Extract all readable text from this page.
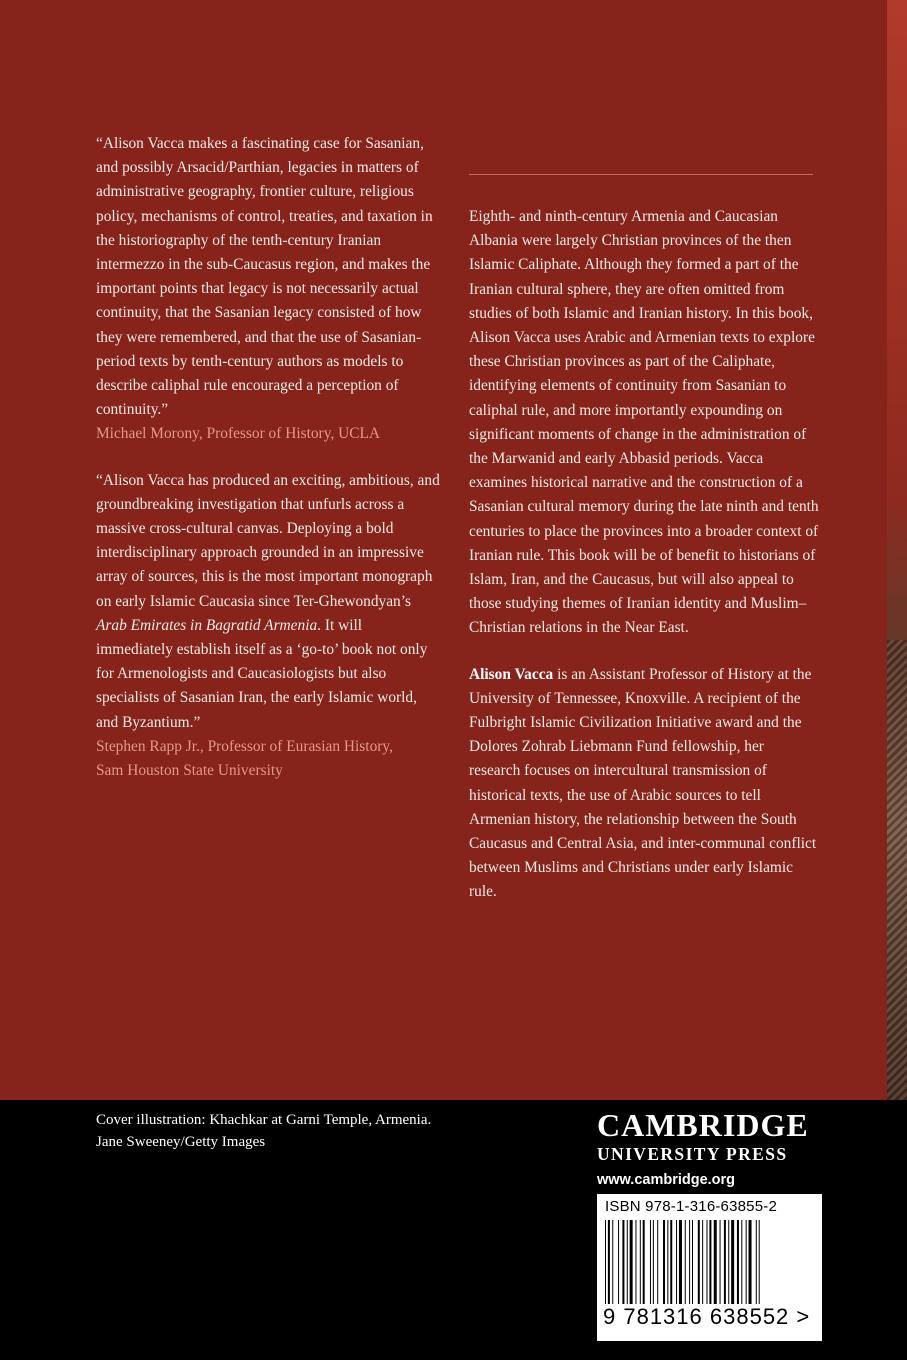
“Alison Vacca makes a fascinating case for Sasanian, and possibly Arsacid/Parthian, legacies in matters of administrative geography, frontier culture, religious policy, mechanisms of control, treaties, and taxation in the historiography of the tenth-century Iranian intermezzo in the sub-Caucasus region, and makes the important points that legacy is not necessarily actual continuity, that the Sasanian legacy consisted of how they were remembered, and that the use of Sasanian-period texts by tenth-century authors as models to describe caliphal rule encouraged a perception of continuity.”

Michael Morony, Professor of History, UCLA

“Alison Vacca has produced an exciting, ambitious, and groundbreaking investigation that unfurls across a massive cross-cultural canvas. Deploying a bold interdisciplinary approach grounded in an impressive array of sources, this is the most important monograph on early Islamic Caucasia since Ter-Ghewondyan’s Arab Emirates in Bagratid Armenia. It will immediately establish itself as a ‘go-to’ book not only for Armenologists and Caucasiologists but also specialists of Sasanian Iran, the early Islamic world, and Byzantium.”

Stephen Rapp Jr., Professor of Eurasian History,
Sam Houston State University

Eighth- and ninth-century Armenia and Caucasian Albania were largely Christian provinces of the then Islamic Caliphate. Although they formed a part of the Iranian cultural sphere, they are often omitted from studies of both Islamic and Iranian history. In this book, Alison Vacca uses Arabic and Armenian texts to explore these Christian provinces as part of the Caliphate, identifying elements of continuity from Sasanian to caliphal rule, and more importantly expounding on significant moments of change in the administration of the Marwanid and early Abbasid periods. Vacca examines historical narrative and the construction of a Sasanian cultural memory during the late ninth and tenth centuries to place the provinces into a broader context of Iranian rule. This book will be of benefit to historians of Islam, Iran, and the Caucasus, but will also appeal to those studying themes of Iranian identity and Muslim–Christian relations in the Near East.

Alison Vacca is an Assistant Professor of History at the University of Tennessee, Knoxville. A recipient of the Fulbright Islamic Civilization Initiative award and the Dolores Zohrab Liebmann Fund fellowship, her research focuses on intercultural transmission of historical texts, the use of Arabic sources to tell Armenian history, the relationship between the South Caucasus and Central Asia, and inter-communal conflict between Muslims and Christians under early Islamic rule.

Cover illustration: Khachkar at Garni Temple, Armenia.
Jane Sweeney/Getty Images	CAMBRIDGE
UNIVERSITY PRESS
www.cambridge.org
ISBN 978-1-316-63855-2
9 781316 638552 >
